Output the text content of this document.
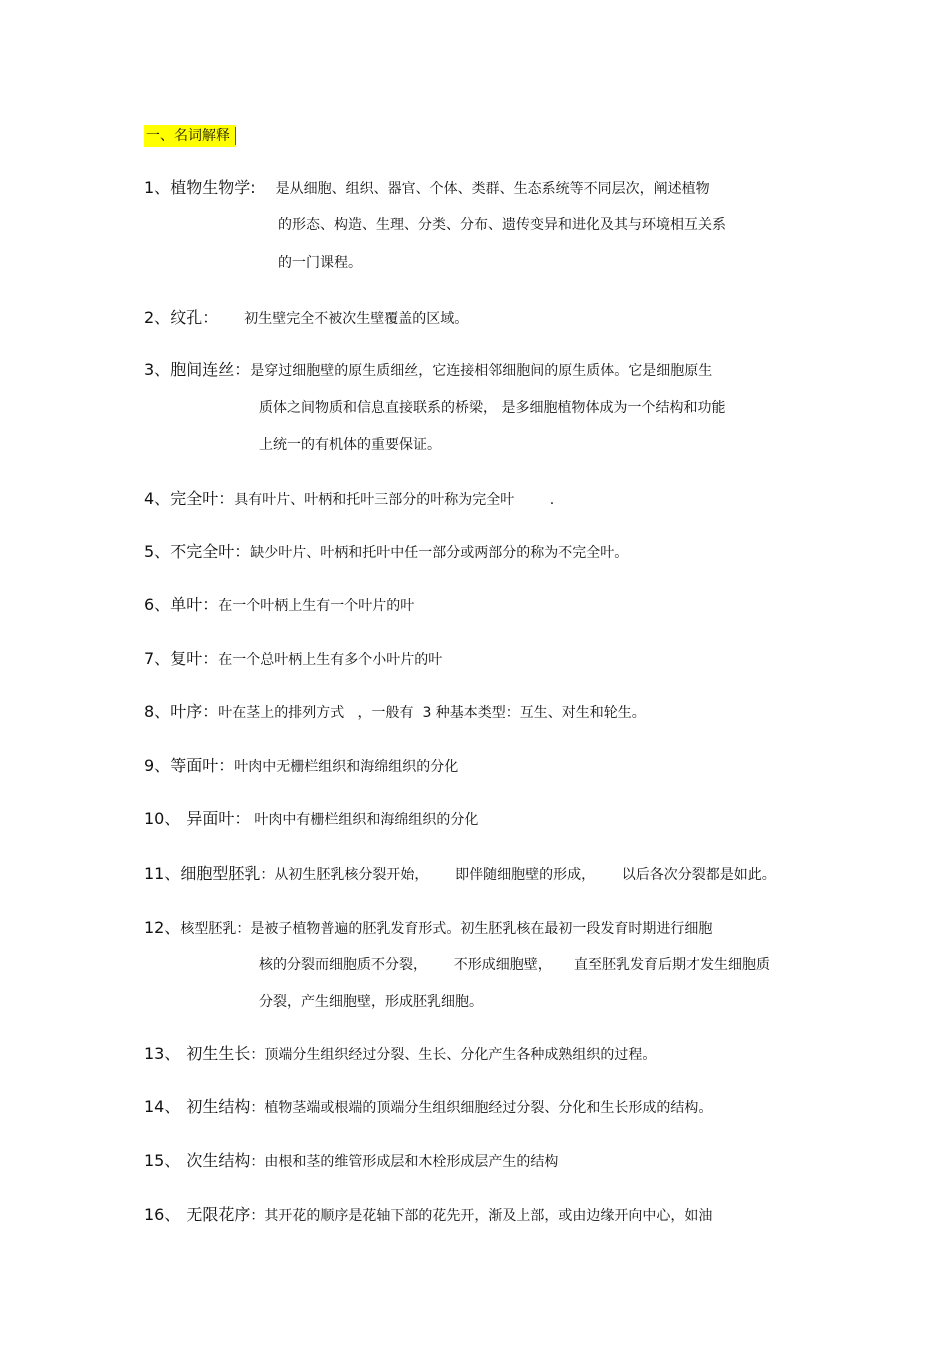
一、名词解释
1、 植物生物学: 是从细胞、组织、器官、个体、类群、生态系统等不同层次，阐述植物
的形态、构造、生理、分类、分布、遗传变异和进化及其与环境相互关系
的一门课程。
2、 纹孔： 初生壁完全不被次生壁覆盖的区域。
3、 胞间连丝： 是穿过细胞壁的原生质细丝，它连接相邻细胞间的原生质体。它是细胞原生
质体之间物质和信息直接联系的桥梁， 是多细胞植物体成为一个结构和功能
上统一的有机体的重要保证。
4、 完全叶： 具有叶片、叶柄和托叶三部分的叶称为完全叶        .
5、 不完全叶： 缺少叶片、叶柄和托叶中任一部分或两部分的称为不完全叶。
6、 单叶： 在一个叶柄上生有一个叶片的叶
7、 复叶： 在一个总叶柄上生有多个小叶片的叶
8、 叶序： 叶在茎上的排列方式   ，一般有  3 种基本类型：互生、对生和轮生。
9、 等面叶： 叶肉中无栅栏组织和海绵组织的分化
10、 异面叶： 叶肉中有栅栏组织和海绵组织的分化
11、 细胞型胚乳 ：从初生胚乳核分裂开始，      即伴随细胞壁的形成，      以后各次分裂都是如此。
12、 核型胚乳 ：是被子植物普遍的胚乳发育形式。初生胚乳核在最初一段发育时期进行细胞
核的分裂而细胞质不分裂，      不形成细胞壁，     直至胚乳发育后期才发生细胞质
分裂，产生细胞壁，形成胚乳细胞。
13、 初生生长 ：顶端分生组织经过分裂、生长、分化产生各种成熟组织的过程。
14、 初生结构 ：植物茎端或根端的顶端分生组织细胞经过分裂、分化和生长形成的结构。
15、 次生结构 ：由根和茎的维管形成层和木栓形成层产生的结构
16、 无限花序 ：其开花的顺序是花轴下部的花先开，渐及上部，或由边缘开向中心，如油
